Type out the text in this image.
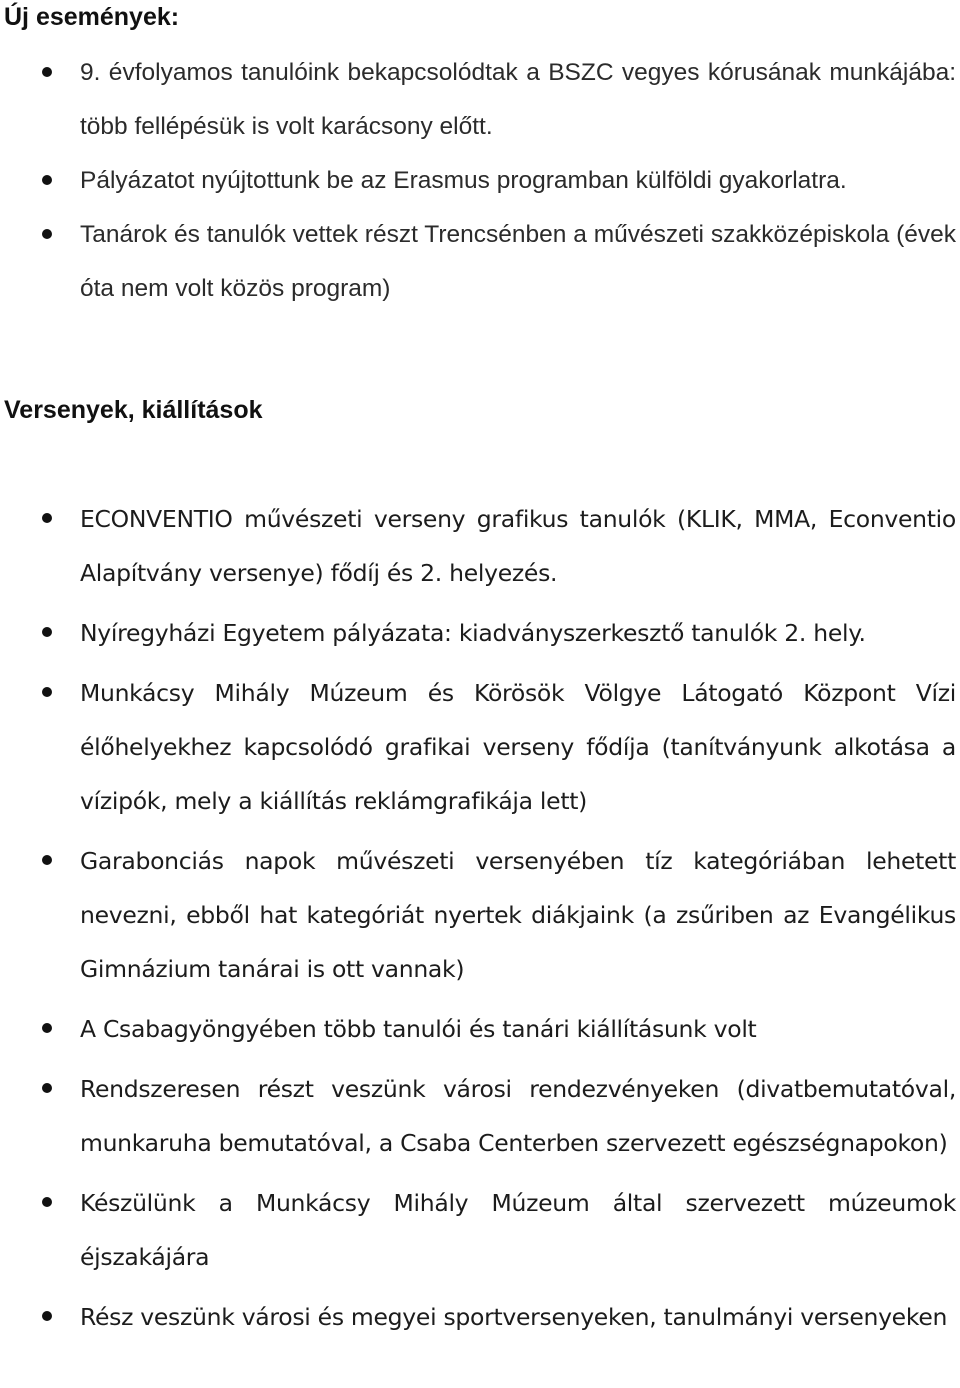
Új események:
9. évfolyamos tanulóink bekapcsolódtak a BSZC vegyes kórusának munkájába: több fellépésük is volt karácsony előtt.
Pályázatot nyújtottunk be az Erasmus programban külföldi gyakorlatra.
Tanárok és tanulók vettek részt Trencsénben a művészeti szakközépiskola (évek óta nem volt közös program)
Versenyek, kiállítások
ECONVENTIO művészeti verseny grafikus tanulók (KLIK, MMA, Econventio Alapítvány versenye) fődíj és 2. helyezés.
Nyíregyházi Egyetem pályázata: kiadványszerkesztő tanulók 2. hely.
Munkácsy Mihály Múzeum és Körösök Völgye Látogató Központ Vízi élőhelyekhez kapcsolódó grafikai verseny fődíja (tanítványunk alkotása a vízipók, mely a kiállítás reklámgrafikája lett)
Garabonciás napok művészeti versenyében tíz kategóriában lehetett nevezni, ebből hat kategóriát nyertek diákjaink (a zsűriben az Evangélikus Gimnázium tanárai is ott vannak)
A Csabagyöngyében több tanulói és tanári kiállításunk volt
Rendszeresen részt veszünk városi rendezvényeken (divatbemutatóval, munkaruha bemutatóval, a Csaba Centerben szervezett egészségnapokon)
Készülünk a Munkácsy Mihály Múzeum által szervezett múzeumok éjszakájára
Rész veszünk városi és megyei sportversenyeken, tanulmányi versenyeken
